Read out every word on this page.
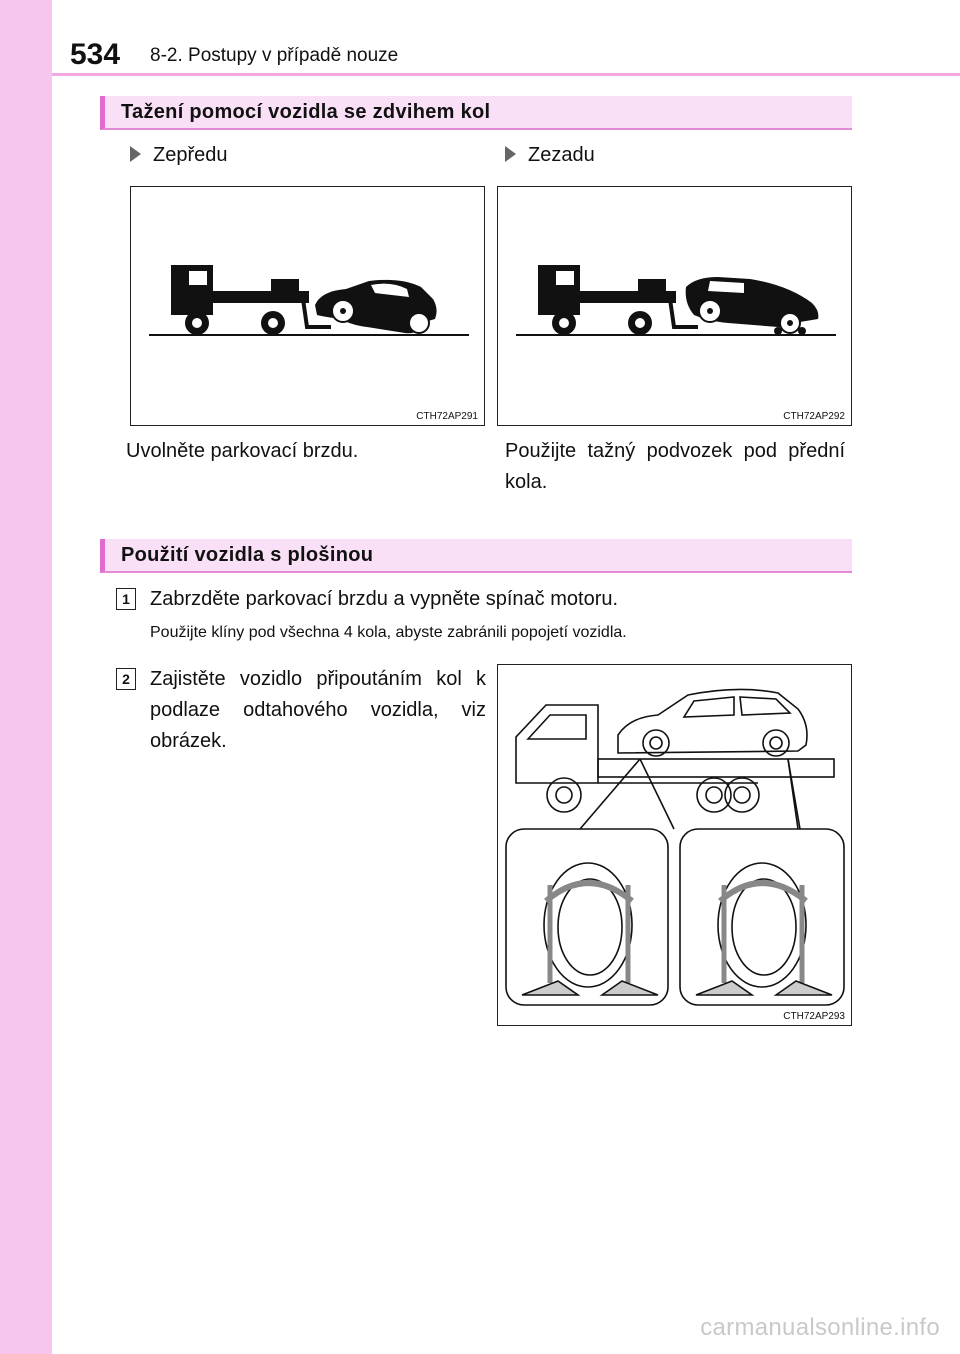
534 8-2. Postupy v případě nouze
Tažení pomocí vozidla se zdvihem kol
Zepředu	Zezadu
CTH72AP291	CTH72AP292
Uvolněte parkovací brzdu.	Použijte tažný podvozek pod přední kola.
Použití vozidla s plošinou
1	Zabrzděte parkovací brzdu a vypněte spínač motoru.
Použijte klíny pod všechna 4 kola, abyste zabránili popojetí vozidla.
2	Zajistěte vozidlo připoutáním kol k podlaze odtahového vozidla, viz obrázek.
CTH72AP293
carmanualsonline.info
